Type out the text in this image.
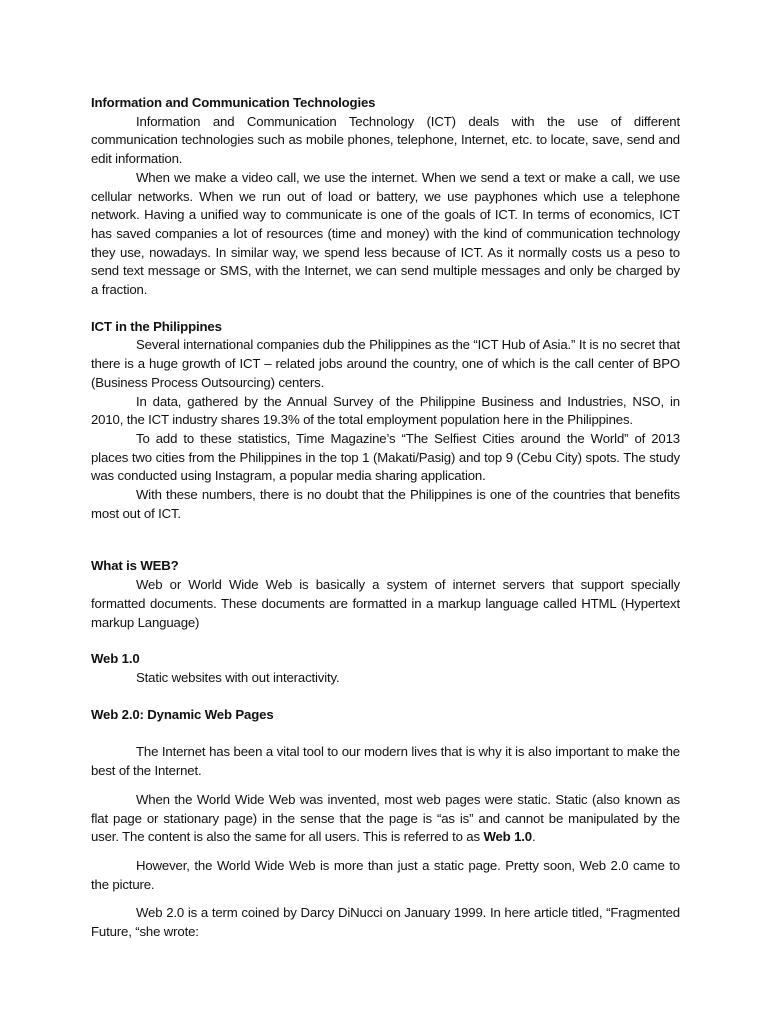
Information and Communication Technologies

Information and Communication Technology (ICT) deals with the use of different communication technologies such as mobile phones, telephone, Internet, etc. to locate, save, send and edit information.

When we make a video call, we use the internet. When we send a text or make a call, we use cellular networks. When we run out of load or battery, we use payphones which use a telephone network. Having a unified way to communicate is one of the goals of ICT. In terms of economics, ICT has saved companies a lot of resources (time and money) with the kind of communication technology they use, nowadays. In similar way, we spend less because of ICT. As it normally costs us a peso to send text message or SMS, with the Internet, we can send multiple messages and only be charged by a fraction.

ICT in the Philippines

Several international companies dub the Philippines as the “ICT Hub of Asia.” It is no secret that there is a huge growth of ICT – related jobs around the country, one of which is the call center of BPO (Business Process Outsourcing) centers.

In data, gathered by the Annual Survey of the Philippine Business and Industries, NSO, in 2010, the ICT industry shares 19.3% of the total employment population here in the Philippines.

To add to these statistics, Time Magazine’s “The Selfiest Cities around the World” of 2013 places two cities from the Philippines in the top 1 (Makati/Pasig) and top 9 (Cebu City) spots. The study was conducted using Instagram, a popular media sharing application.

With these numbers, there is no doubt that the Philippines is one of the countries that benefits most out of ICT.

What is WEB?

Web or World Wide Web is basically a system of internet servers that support specially formatted documents. These documents are formatted in a markup language called HTML (Hypertext markup Language)

Web 1.0

Static websites with out interactivity.

Web 2.0: Dynamic Web Pages

The Internet has been a vital tool to our modern lives that is why it is also important to make the best of the Internet.

When the World Wide Web was invented, most web pages were static. Static (also known as flat page or stationary page) in the sense that the page is “as is” and cannot be manipulated by the user. The content is also the same for all users. This is referred to as Web 1.0.

However, the World Wide Web is more than just a static page. Pretty soon, Web 2.0 came to the picture.

Web 2.0 is a term coined by Darcy DiNucci on January 1999. In here article titled, “Fragmented Future, “she wrote:
